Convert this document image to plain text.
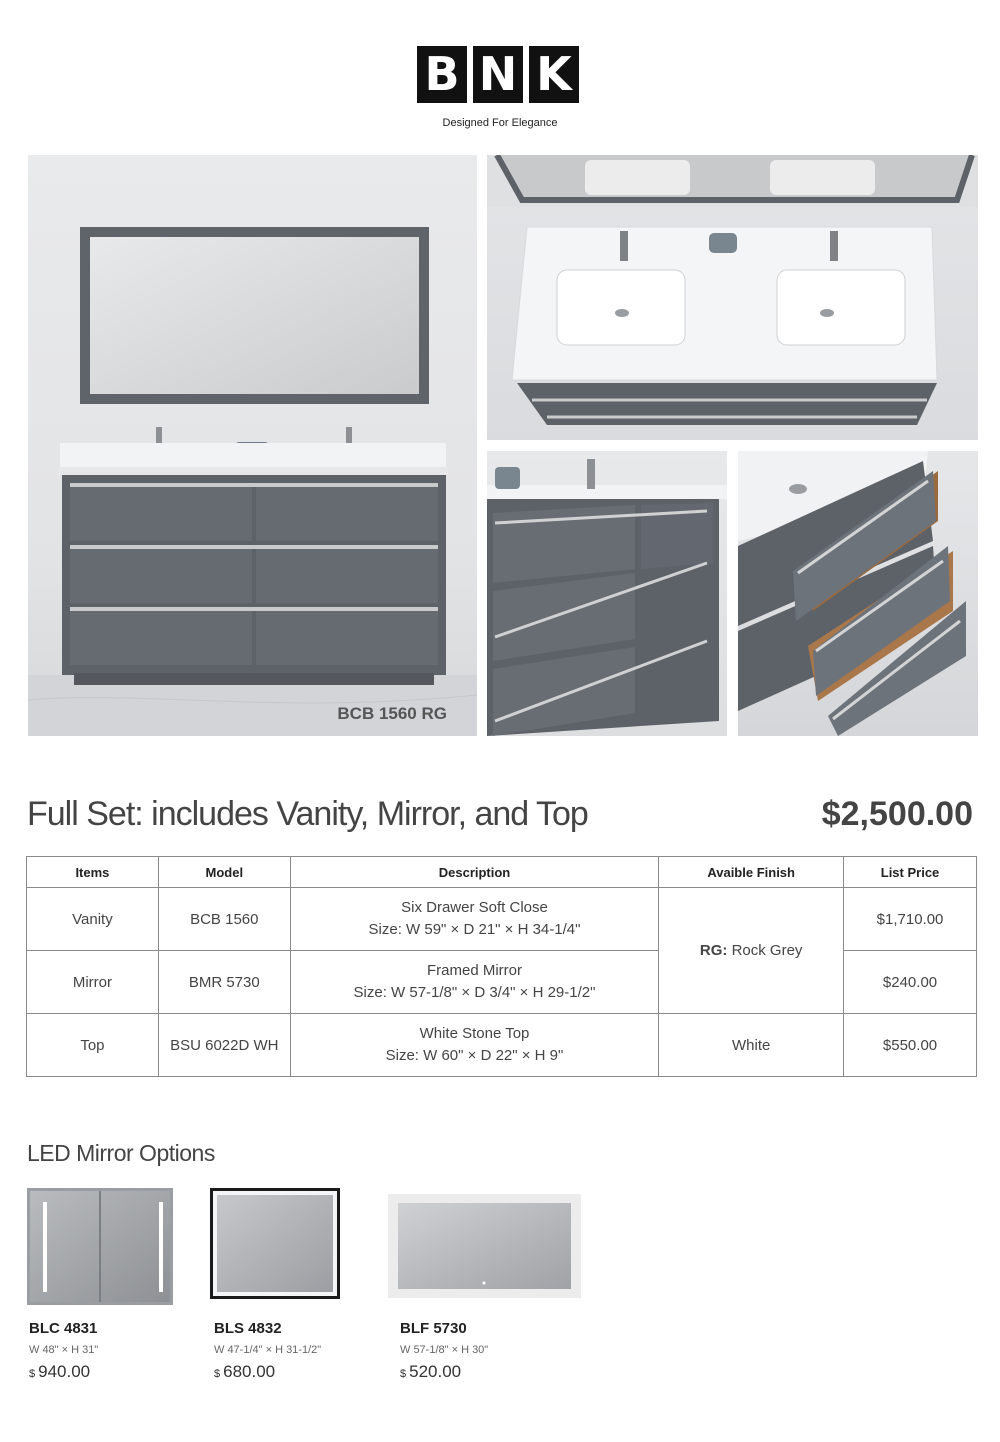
B N K
Designed For Elegance
BCB 1560 RG
Full Set: includes Vanity, Mirror, and Top	$2,500.00
Items	Model	Description	Avaible Finish	List Price
Vanity	BCB 1560	Six Drawer Soft Close
Size: W 59" × D 21" × H 34-1/4"	RG: Rock Grey	$1,710.00
Mirror	BMR 5730	Framed Mirror
Size: W 57-1/8" × D 3/4" × H 29-1/2"		$240.00
Top	BSU 6022D WH	White Stone Top
Size: W 60" × D 22" × H 9"	White	$550.00
LED Mirror Options
BLC 4831
W 48" × H 31"
$ 940.00
BLS 4832
W 47-1/4" × H 31-1/2"
$ 680.00
BLF 5730
W 57-1/8" × H 30"
$ 520.00
